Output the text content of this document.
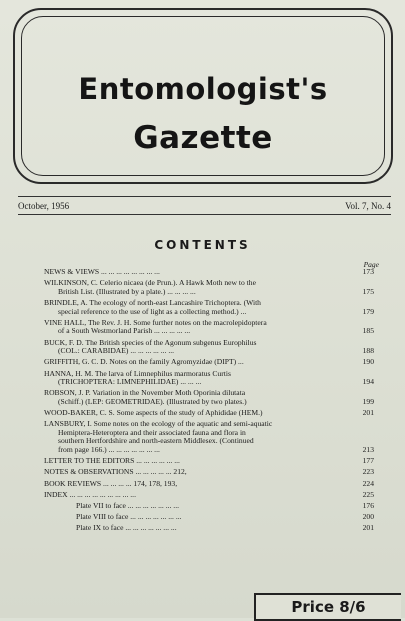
Entomologist's
Gazette
October, 1956	Vol. 7, No. 4
CONTENTS
Page
NEWS & VIEWS ... ... ... ... ... ... ... ...	173
WILKINSON, C. Celerio nicaea (de Prun.). A Hawk Moth new to the
British List. (Illustrated by a plate.) ... ... ... ...	175
BRINDLE, A. The ecology of north-east Lancashire Trichoptera. (With
special reference to the use of light as a collecting method.) ...	179
VINE HALL, The Rev. J. H. Some further notes on the macrolepidoptera
of a South Westmorland Parish ... ... ... ... ...	185
BUCK, F. D. The British species of the Agonum subgenus Europhilus
(COL.: CARABIDAE) ... ... ... ... ... ...	188
GRIFFITH, G. C. D. Notes on the family Agromyzidae (DIPT) ...	190
HANNA, H. M. The larva of Limnephilus marmoratus Curtis
(TRICHOPTERA: LIMNEPHILIDAE) ... ... ...	194
ROBSON, J. P. Variation in the November Moth Oporinia dilutata
(Schiff.) (LEP: GEOMETRIDAE). (Illustrated by two plates.)	199
WOOD-BAKER, C. S. Some aspects of the study of Aphididae (HEM.)	201
LANSBURY, I. Some notes on the ecology of the aquatic and semi-aquatic
Hemiptera-Heteroptera and their associated fauna and flora in
southern Hertfordshire and north-eastern Middlesex. (Continued
from page 166.) ... ... ... ... ... ... ...	213
LETTER TO THE EDITORS ... ... ... ... ... ...	177
NOTES & OBSERVATIONS ... ... ... ... ... 212,	223
BOOK REVIEWS ... ... ... ... 174, 178, 193,	224
INDEX ... ... ... ... ... ... ... ... ...	225
Plate VII to face ... ... ... ... ... ... ...	176
Plate VIII to face ... ... ... ... ... ... ...	200
Plate IX to face ... ... ... ... ... ... ...	201
Price 8/6
